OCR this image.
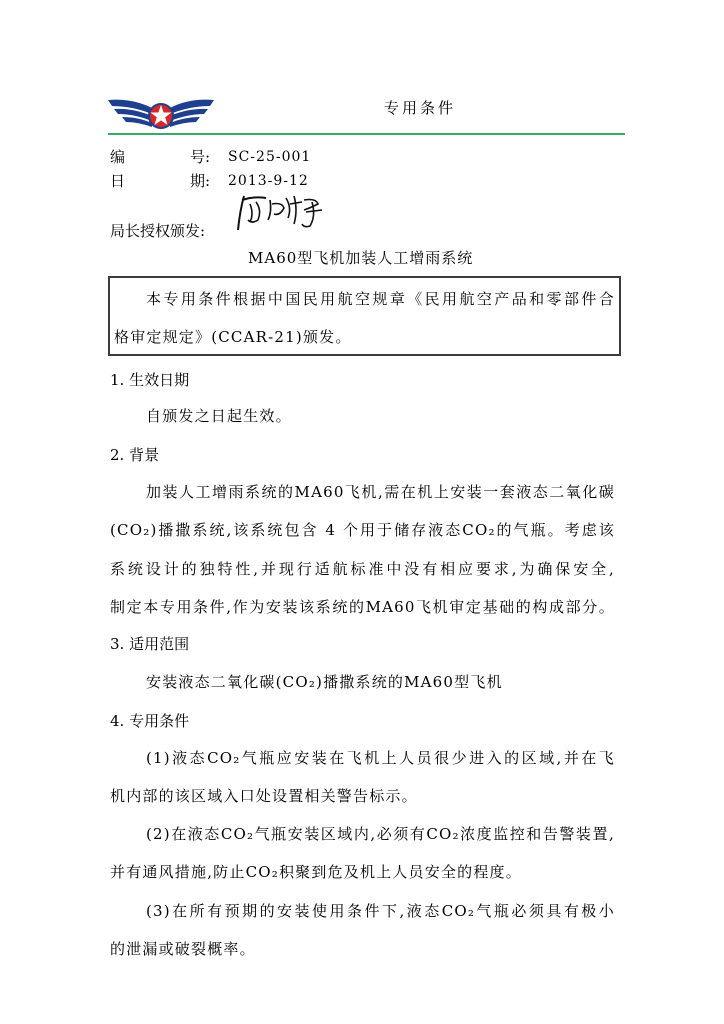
专用条件
编	号: SC-25-001
日	期: 2013-9-12
局长授权颁发:
MA60型飞机加装人工增雨系统
本专用条件根据中国民用航空规章《民用航空产品和零部件合
格审定规定》(CCAR-21)颁发。
1. 生效日期
自颁发之日起生效。
2. 背景
加装人工增雨系统的MA60飞机,需在机上安装一套液态二氧化碳
(CO₂)播撒系统,该系统包含 4 个用于储存液态CO₂的气瓶。考虑该
系统设计的独特性,并现行适航标准中没有相应要求,为确保安全,
制定本专用条件,作为安装该系统的MA60飞机审定基础的构成部分。
3. 适用范围
安装液态二氧化碳(CO₂)播撒系统的MA60型飞机
4. 专用条件
(1)液态CO₂气瓶应安装在飞机上人员很少进入的区域,并在飞
机内部的该区域入口处设置相关警告标示。
(2)在液态CO₂气瓶安装区域内,必须有CO₂浓度监控和告警装置,
并有通风措施,防止CO₂积聚到危及机上人员安全的程度。
(3)在所有预期的安装使用条件下,液态CO₂气瓶必须具有极小
的泄漏或破裂概率。
